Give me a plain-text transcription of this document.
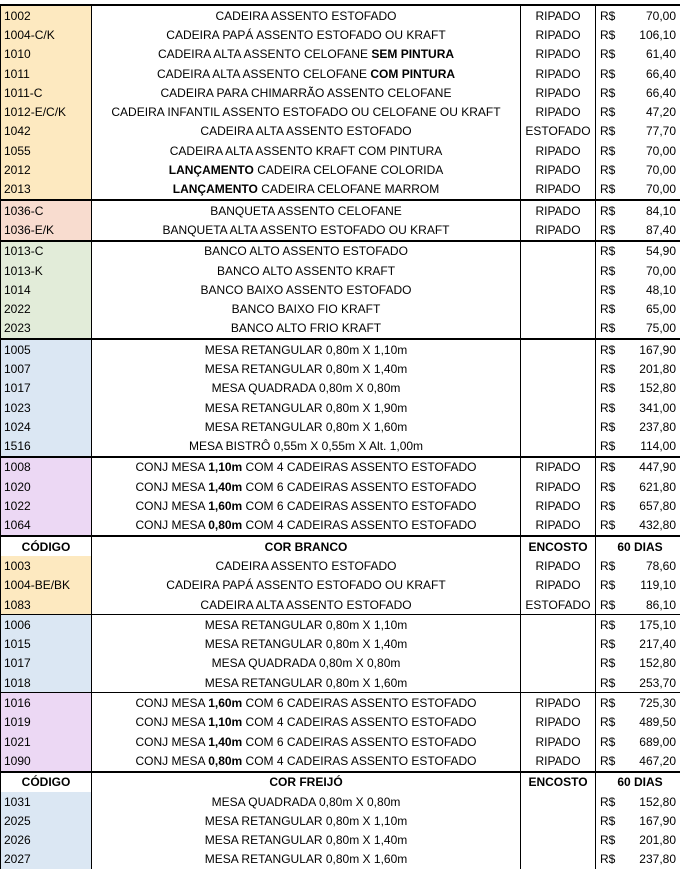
1002	CADEIRA ASSENTO ESTOFADO	RIPADO	R$ 70,00

1004-C/K	CADEIRA PAPÁ ASSENTO ESTOFADO OU KRAFT	RIPADO	R$ 106,10

1010	CADEIRA ALTA ASSENTO CELOFANE SEM PINTURA	RIPADO	R$ 61,40

1011	CADEIRA ALTA ASSENTO CELOFANE COM PINTURA	RIPADO	R$ 66,40

1011-C	CADEIRA PARA CHIMARRÃO ASSENTO CELOFANE	RIPADO	R$ 66,40

1012-E/C/K	CADEIRA INFANTIL ASSENTO ESTOFADO OU CELOFANE OU KRAFT	RIPADO	R$ 47,20

1042	CADEIRA ALTA ASSENTO ESTOFADO	ESTOFADO	R$ 77,70

1055	CADEIRA ALTA ASSENTO KRAFT COM PINTURA	RIPADO	R$ 70,00

2012	LANÇAMENTO CADEIRA CELOFANE COLORIDA	RIPADO	R$ 70,00

2013	LANÇAMENTO CADEIRA CELOFANE MARROM	RIPADO	R$ 70,00

1036-C	BANQUETA ASSENTO CELOFANE	RIPADO	R$ 84,10

1036-E/K	BANQUETA ALTA ASSENTO ESTOFADO OU KRAFT	RIPADO	R$ 87,40

1013-C	BANCO ALTO ASSENTO ESTOFADO		R$ 54,90

1013-K	BANCO ALTO ASSENTO KRAFT		R$ 70,00

1014	BANCO BAIXO ASSENTO ESTOFADO		R$ 48,10

2022	BANCO BAIXO FIO KRAFT		R$ 65,00

2023	BANCO ALTO FRIO KRAFT		R$ 75,00

1005	MESA RETANGULAR 0,80m X 1,10m		R$ 167,90

1007	MESA RETANGULAR 0,80m X 1,40m		R$ 201,80

1017	MESA QUADRADA 0,80m X 0,80m		R$ 152,80

1023	MESA RETANGULAR 0,80m X 1,90m		R$ 341,00

1024	MESA RETANGULAR 0,80m X 1,60m		R$ 237,80

1516	MESA BISTRÔ 0,55m X 0,55m X Alt. 1,00m		R$ 114,00

1008	CONJ MESA 1,10m COM 4 CADEIRAS ASSENTO ESTOFADO	RIPADO	R$ 447,90

1020	CONJ MESA 1,40m COM 6 CADEIRAS ASSENTO ESTOFADO	RIPADO	R$ 621,80

1022	CONJ MESA 1,60m COM 6 CADEIRAS ASSENTO ESTOFADO	RIPADO	R$ 657,80

1064	CONJ MESA 0,80m COM 4 CADEIRAS ASSENTO ESTOFADO	RIPADO	R$ 432,80

CÓDIGO	COR BRANCO	ENCOSTO	60 DIAS
1003	CADEIRA ASSENTO ESTOFADO	RIPADO	R$ 78,60

1004-BE/BK	CADEIRA PAPÁ ASSENTO ESTOFADO OU KRAFT	RIPADO	R$ 119,10

1083	CADEIRA ALTA ASSENTO ESTOFADO	ESTOFADO	R$ 86,10

1006	MESA RETANGULAR 0,80m X 1,10m		R$ 175,10

1015	MESA RETANGULAR 0,80m X 1,40m		R$ 217,40

1017	MESA QUADRADA 0,80m X 0,80m		R$ 152,80

1018	MESA RETANGULAR 0,80m X 1,60m		R$ 253,70

1016	CONJ MESA 1,60m COM 6 CADEIRAS ASSENTO ESTOFADO	RIPADO	R$ 725,30

1019	CONJ MESA 1,10m COM 4 CADEIRAS ASSENTO ESTOFADO	RIPADO	R$ 489,50

1021	CONJ MESA 1,40m COM 6 CADEIRAS ASSENTO ESTOFADO	RIPADO	R$ 689,00

1090	CONJ MESA 0,80m COM 4 CADEIRAS ASSENTO ESTOFADO	RIPADO	R$ 467,20

CÓDIGO	COR FREIJÓ	ENCOSTO	60 DIAS
1031	MESA QUADRADA 0,80m X 0,80m		R$ 152,80

2025	MESA RETANGULAR 0,80m X 1,10m		R$ 167,90

2026	MESA RETANGULAR 0,80m X 1,40m		R$ 201,80

2027	MESA RETANGULAR 0,80m X 1,60m		R$ 237,80
